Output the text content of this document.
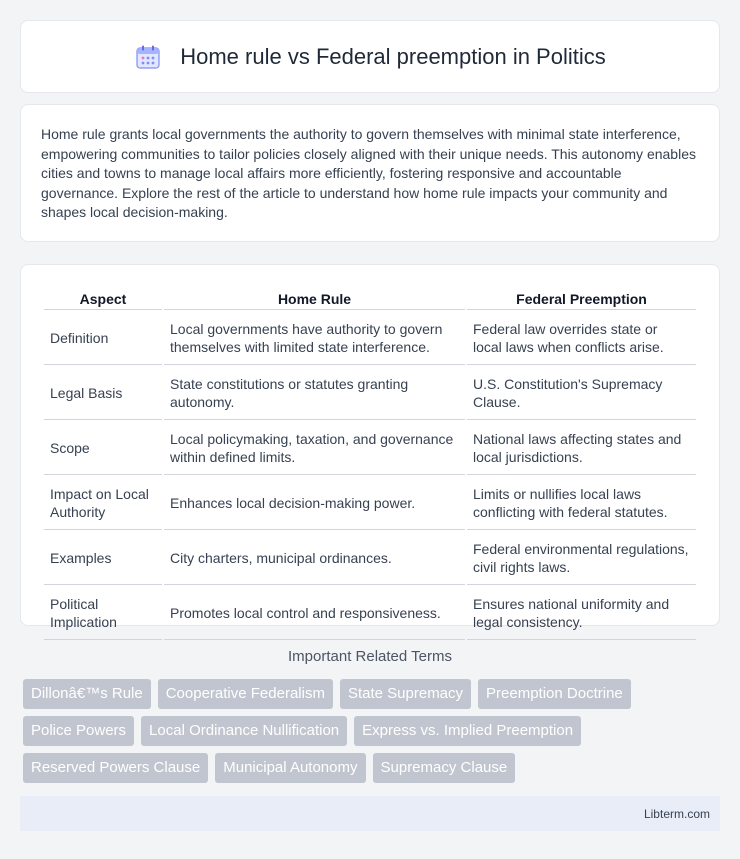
Home rule vs Federal preemption in Politics

Home rule grants local governments the authority to govern themselves with minimal state interference, empowering communities to tailor policies closely aligned with their unique needs. This autonomy enables cities and towns to manage local affairs more efficiently, fostering responsive and accountable governance. Explore the rest of the article to understand how home rule impacts your community and shapes local decision-making.

Aspect	Home Rule	Federal Preemption
Definition	Local governments have authority to govern themselves with limited state interference.	Federal law overrides state or local laws when conflicts arise.
Legal Basis	State constitutions or statutes granting autonomy.	U.S. Constitution's Supremacy Clause.
Scope	Local policymaking, taxation, and governance within defined limits.	National laws affecting states and local jurisdictions.
Impact on Local Authority	Enhances local decision-making power.	Limits or nullifies local laws conflicting with federal statutes.
Examples	City charters, municipal ordinances.	Federal environmental regulations, civil rights laws.
Political Implication	Promotes local control and responsiveness.	Ensures national uniformity and legal consistency.
Important Related Terms
Dillonâ€™s Rule	Cooperative Federalism	State Supremacy	Preemption Doctrine
Police Powers	Local Ordinance Nullification	Express vs. Implied Preemption
Reserved Powers Clause	Municipal Autonomy	Supremacy Clause
Libterm.com
